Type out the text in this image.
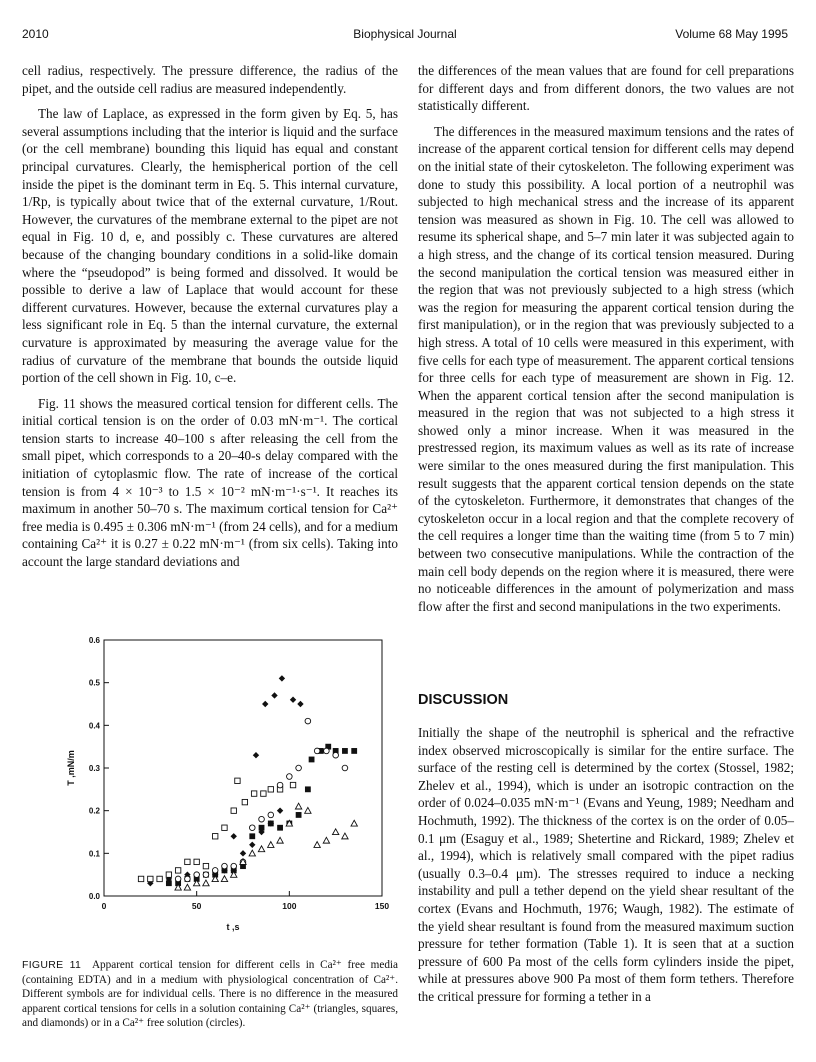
2010	Biophysical Journal	Volume 68 May 1995

cell radius, respectively. The pressure difference, the radius of the pipet, and the outside cell radius are measured independently.

The law of Laplace, as expressed in the form given by Eq. 5, has several assumptions including that the interior is liquid and the surface (or the cell membrane) bounding this liquid has equal and constant principal curvatures. Clearly, the hemispherical portion of the cell inside the pipet is the dominant term in Eq. 5. This internal curvature, 1/Rp, is typically about twice that of the external curvature, 1/Rout. However, the curvatures of the membrane external to the pipet are not equal in Fig. 10 d, e, and possibly c. These curvatures are altered because of the changing boundary conditions in a solid-like domain where the “pseudopod” is being formed and dissolved. It would be possible to derive a law of Laplace that would account for these different curvatures. However, because the external curvatures play a less significant role in Eq. 5 than the internal curvature, the external curvature is approximated by measuring the average value for the radius of curvature of the membrane that bounds the outside liquid portion of the cell shown in Fig. 10, c–e.

Fig. 11 shows the measured cortical tension for different cells. The initial cortical tension is on the order of 0.03 mN·m⁻¹. The cortical tension starts to increase 40–100 s after releasing the cell from the small pipet, which corresponds to a 20–40-s delay compared with the initiation of cytoplasmic flow. The rate of increase of the cortical tension is from 4 × 10⁻³ to 1.5 × 10⁻² mN·m⁻¹·s⁻¹. It reaches its maximum in another 50–70 s. The maximum cortical tension for Ca²⁺ free media is 0.495 ± 0.306 mN·m⁻¹ (from 24 cells), and for a medium containing Ca²⁺ it is 0.27 ± 0.22 mN·m⁻¹ (from six cells). Taking into account the large standard deviations and

0.0
0.1
0.2
0.3
0.4
0.5
0.6
0	50	100	150
t ,s
T ,mN/m
FIGURE 11 Apparent cortical tension for different cells in Ca²⁺ free media (containing EDTA) and in a medium with physiological concentration of Ca²⁺. Different symbols are for individual cells. There is no difference in the measured apparent cortical tensions for cells in a solution containing Ca²⁺ (triangles, squares, and diamonds) or in a Ca²⁺ free solution (circles).

the differences of the mean values that are found for cell preparations for different days and from different donors, the two values are not statistically different.

The differences in the measured maximum tensions and the rates of increase of the apparent cortical tension for different cells may depend on the initial state of their cytoskeleton. The following experiment was done to study this possibility. A local portion of a neutrophil was subjected to high mechanical stress and the increase of its apparent tension was measured as shown in Fig. 10. The cell was allowed to resume its spherical shape, and 5–7 min later it was subjected again to a high stress, and the change of its cortical tension measured. During the second manipulation the cortical tension was measured either in the region that was not previously subjected to a high stress (which was the region for measuring the apparent cortical tension during the first manipulation), or in the region that was previously subjected to a high stress. A total of 10 cells were measured in this experiment, with five cells for each type of measurement. The apparent cortical tensions for three cells for each type of measurement are shown in Fig. 12. When the apparent cortical tension after the second manipulation is measured in the region that was not subjected to a high stress it showed only a minor increase. When it was measured in the prestressed region, its maximum values as well as its rate of increase were similar to the ones measured during the first manipulation. This result suggests that the apparent cortical tension depends on the state of the cytoskeleton. Furthermore, it demonstrates that changes of the cytoskeleton occur in a local region and that the complete recovery of the cell requires a longer time than the waiting time (from 5 to 7 min) between two consecutive manipulations. While the contraction of the main cell body depends on the region where it is measured, there were no noticeable differences in the amount of polymerization and mass flow after the first and second manipulations in the two experiments.

DISCUSSION

Initially the shape of the neutrophil is spherical and the refractive index observed microscopically is similar for the entire surface. The surface of the resting cell is determined by the cortex (Stossel, 1982; Zhelev et al., 1994), which is under an isotropic contraction on the order of 0.024–0.035 mN·m⁻¹ (Evans and Yeung, 1989; Needham and Hochmuth, 1992). The thickness of the cortex is on the order of 0.05–0.1 μm (Esaguy et al., 1989; Shetertine and Rickard, 1989; Zhelev et al., 1994), which is relatively small compared with the pipet radius (usually 0.3–0.4 μm). The stresses required to induce a necking instability and pull a tether depend on the yield shear resultant of the cortex (Evans and Hochmuth, 1976; Waugh, 1982). The estimate of the yield shear resultant is found from the measured maximum suction pressure for tether formation (Table 1). It is seen that at a suction pressure of 600 Pa most of the cells form cylinders inside the pipet, while at pressures above 900 Pa most of them form tethers. Therefore the critical pressure for forming a tether in a
